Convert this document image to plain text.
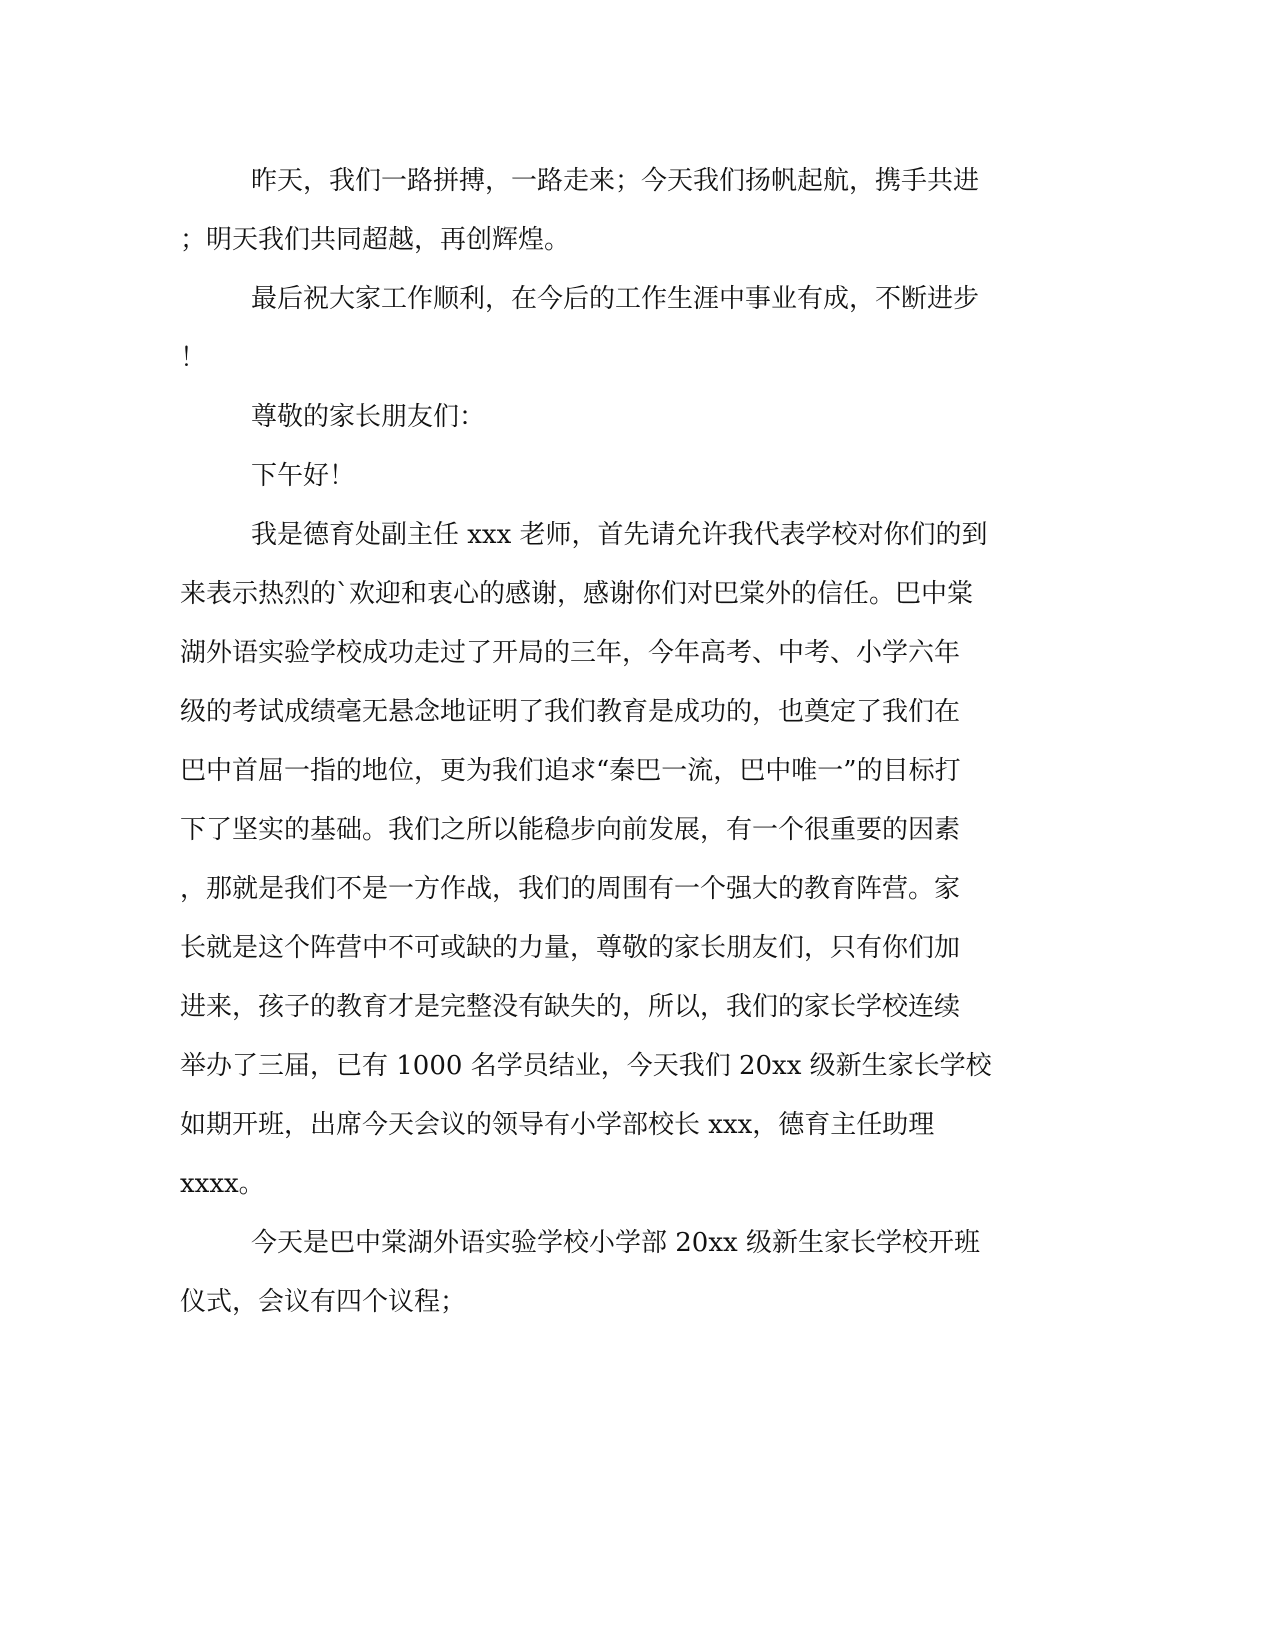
昨天，我们一路拼搏，一路走来；今天我们扬帆起航，携手共进

；明天我们共同超越，再创辉煌。

最后祝大家工作顺利，在今后的工作生涯中事业有成，不断进步

！

尊敬的家长朋友们：

下午好！

我是德育处副主任 xxx 老师，首先请允许我代表学校对你们的到

来表示热烈的`欢迎和衷心的感谢，感谢你们对巴棠外的信任。巴中棠

湖外语实验学校成功走过了开局的三年，今年高考、中考、小学六年

级的考试成绩毫无悬念地证明了我们教育是成功的，也奠定了我们在

巴中首屈一指的地位，更为我们追求“秦巴一流，巴中唯一”的目标打

下了坚实的基础。我们之所以能稳步向前发展，有一个很重要的因素

，那就是我们不是一方作战，我们的周围有一个强大的教育阵营。家

长就是这个阵营中不可或缺的力量，尊敬的家长朋友们，只有你们加

进来，孩子的教育才是完整没有缺失的，所以，我们的家长学校连续

举办了三届，已有 1000 名学员结业，今天我们 20xx 级新生家长学校

如期开班，出席今天会议的领导有小学部校长 xxx，德育主任助理

xxxx。

今天是巴中棠湖外语实验学校小学部 20xx 级新生家长学校开班

仪式，会议有四个议程；
